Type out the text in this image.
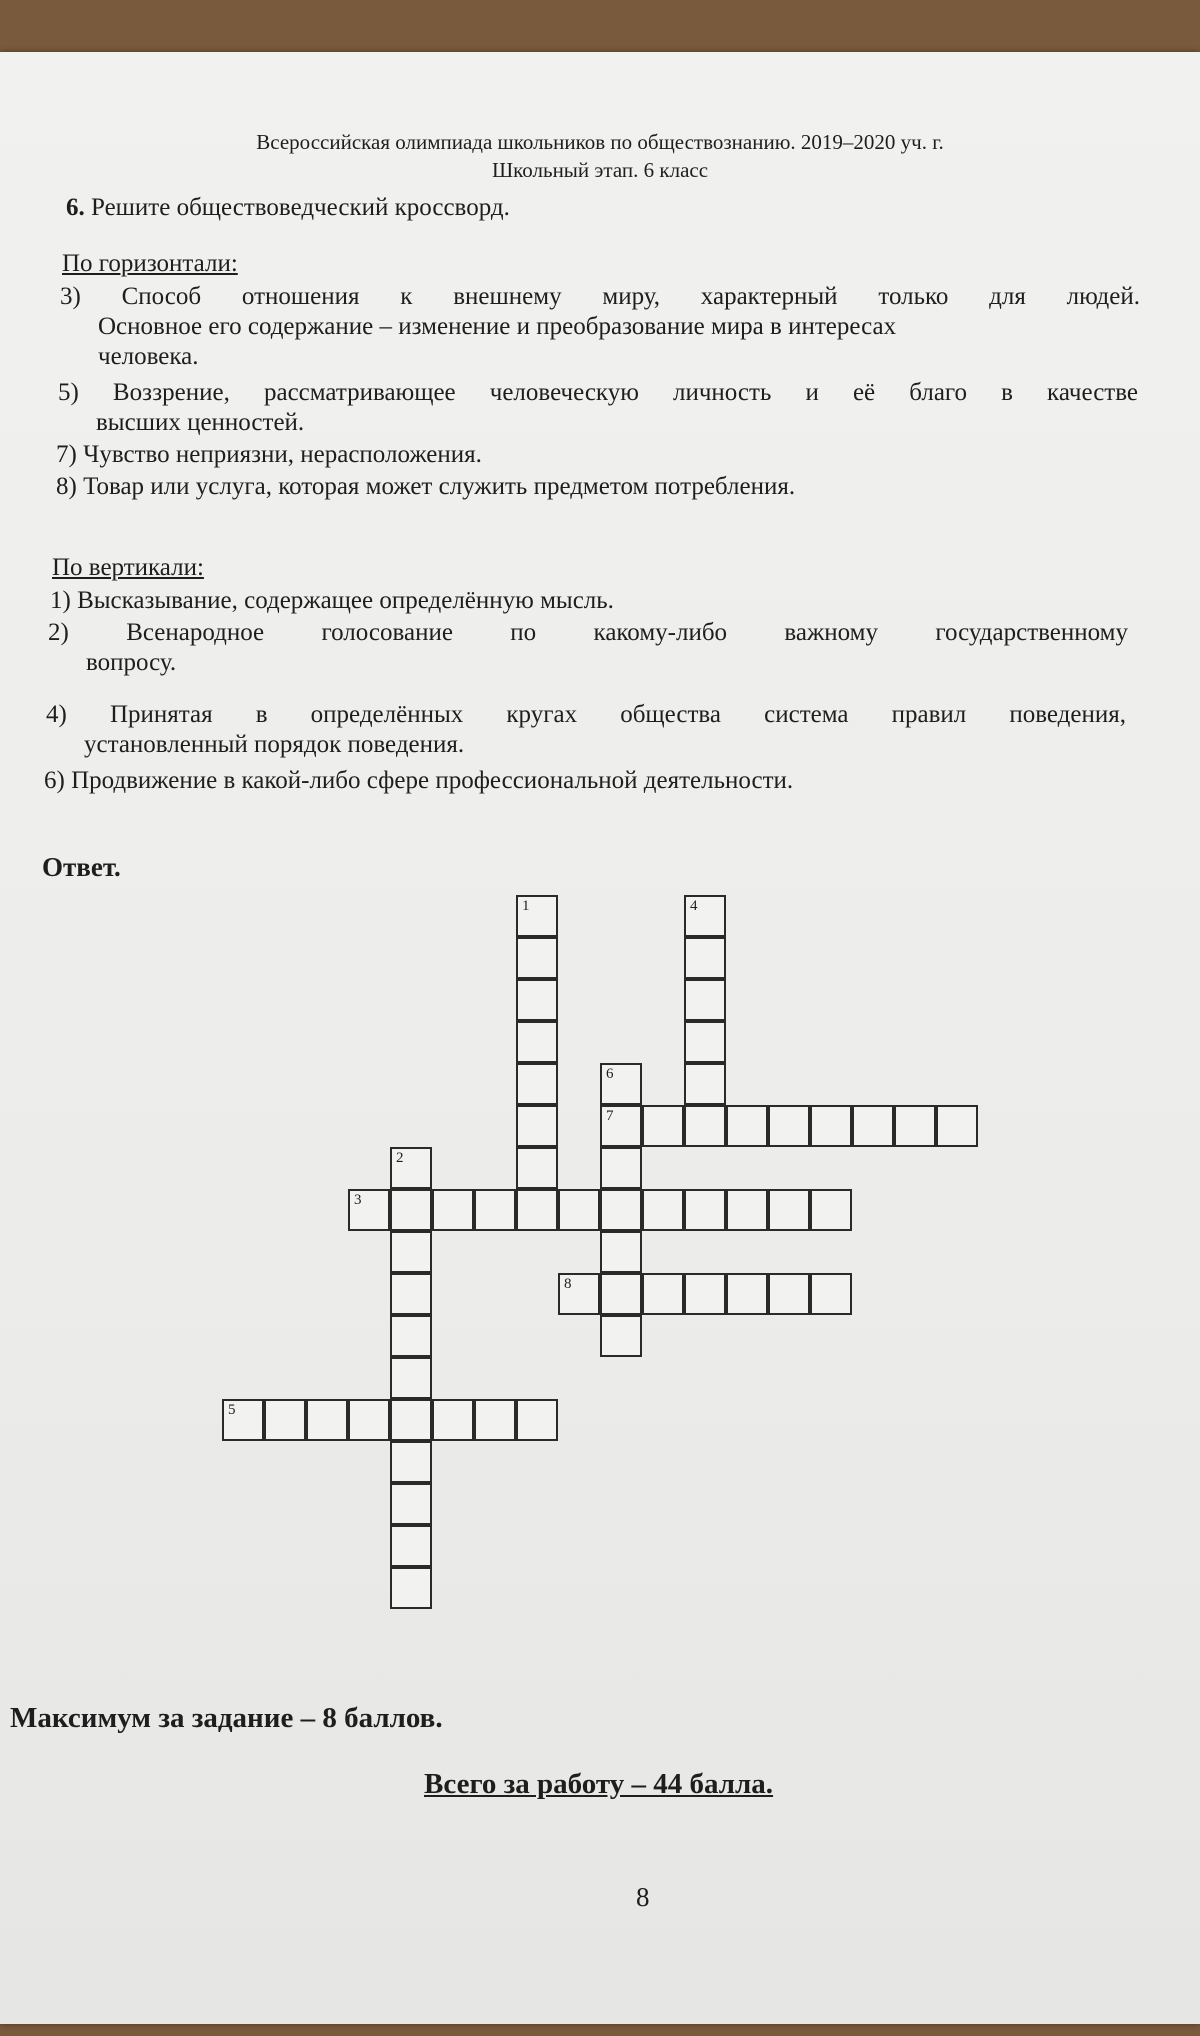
Всероссийская олимпиада школьников по обществознанию. 2019–2020 уч. г.
Школьный этап. 6 класс
6. Решите обществоведческий кроссворд.
По горизонтали:
3) Способ отношения к внешнему миру, характерный только для людей.
Основное его содержание – изменение и преобразование мира в интересах
человека.
5) Воззрение, рассматривающее человеческую личность и её благо в качестве
высших ценностей.
7) Чувство неприязни, нерасположения.
8) Товар или услуга, которая может служить предметом потребления.
По вертикали:
1) Высказывание, содержащее определённую мысль.
2) Всенародное голосование по какому-либо важному государственному
вопросу.
4) Принятая в определённых кругах общества система правил поведения,
установленный порядок поведения.
6) Продвижение в какой-либо сфере профессиональной деятельности.
Ответ.
1
2
3
4
5
6
7
8
Максимум за задание – 8 баллов.
Всего за работу – 44 балла.
8
